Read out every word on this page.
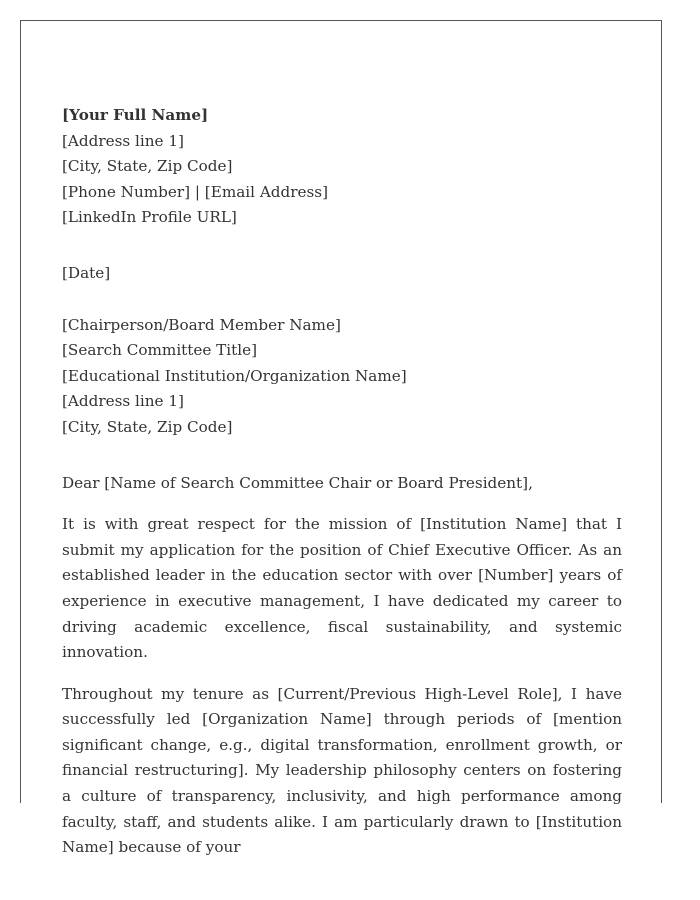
[Your Full Name]
[Address line 1]
[City, State, Zip Code]
[Phone Number] | [Email Address]
[LinkedIn Profile URL]
[Date]
[Chairperson/Board Member Name]
[Search Committee Title]
[Educational Institution/Organization Name]
[Address line 1]
[City, State, Zip Code]
Dear [Name of Search Committee Chair or Board President],

It is with great respect for the mission of [Institution Name] that I submit my application for the position of Chief Executive Officer. As an established leader in the education sector with over [Number] years of experience in executive management, I have dedicated my career to driving academic excellence, fiscal sustainability, and systemic innovation.

Throughout my tenure as [Current/Previous High-Level Role], I have successfully led [Organization Name] through periods of [mention significant change, e.g., digital transformation, enrollment growth, or financial restructuring]. My leadership philosophy centers on fostering a culture of transparency, inclusivity, and high performance among faculty, staff, and students alike. I am particularly drawn to [Institution Name] because of your
